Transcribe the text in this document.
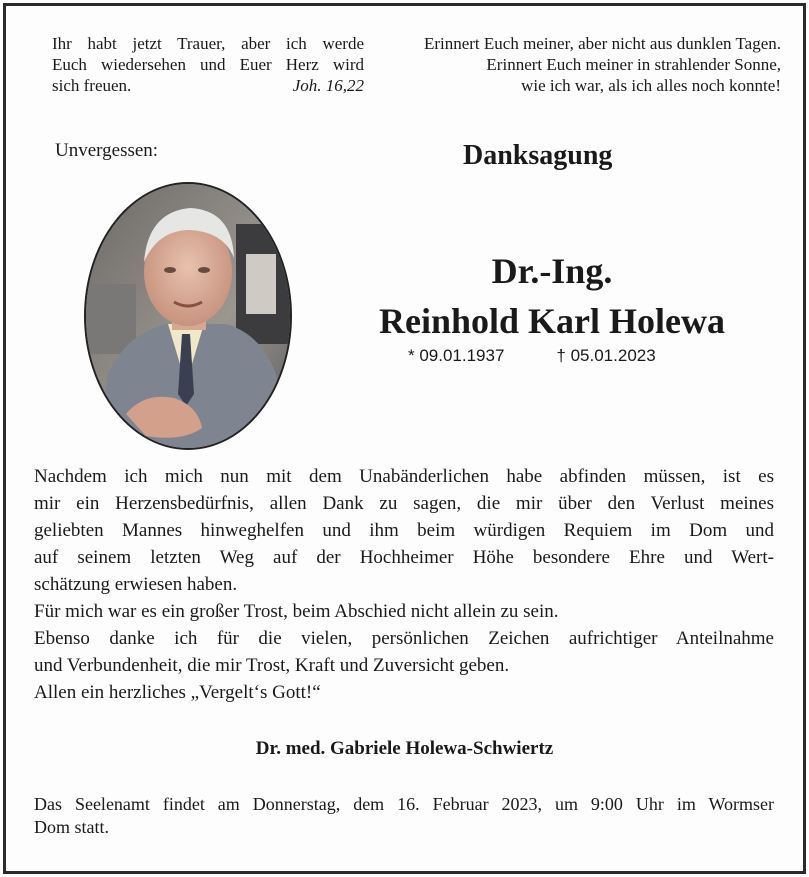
Ihr habt jetzt Trauer, aber ich werde
Euch wiedersehen und Euer Herz wird
sich freuen.	Joh. 16,22
Erinnert Euch meiner, aber nicht aus dunklen Tagen.
Erinnert Euch meiner in strahlender Sonne,
wie ich war, als ich alles noch konnte!
Unvergessen:	Danksagung
Dr.-Ing.
Reinhold Karl Holewa
* 09.01.1937	† 05.01.2023

Nachdem ich mich nun mit dem Unabänderlichen habe abfinden müssen, ist es
mir ein Herzensbedürfnis, allen Dank zu sagen, die mir über den Verlust meines
geliebten Mannes hinweghelfen und ihm beim würdigen Requiem im Dom und
auf seinem letzten Weg auf der Hochheimer Höhe besondere Ehre und Wert-
schätzung erwiesen haben.

Für mich war es ein großer Trost, beim Abschied nicht allein zu sein.

Ebenso danke ich für die vielen, persönlichen Zeichen aufrichtiger Anteilnahme
und Verbundenheit, die mir Trost, Kraft und Zuversicht geben.

Allen ein herzliches „Vergelt‘s Gott!“

Dr. med. Gabriele Holewa-Schwiertz
Das Seelenamt findet am Donnerstag, dem 16. Februar 2023, um 9:00 Uhr im Wormser
Dom statt.
